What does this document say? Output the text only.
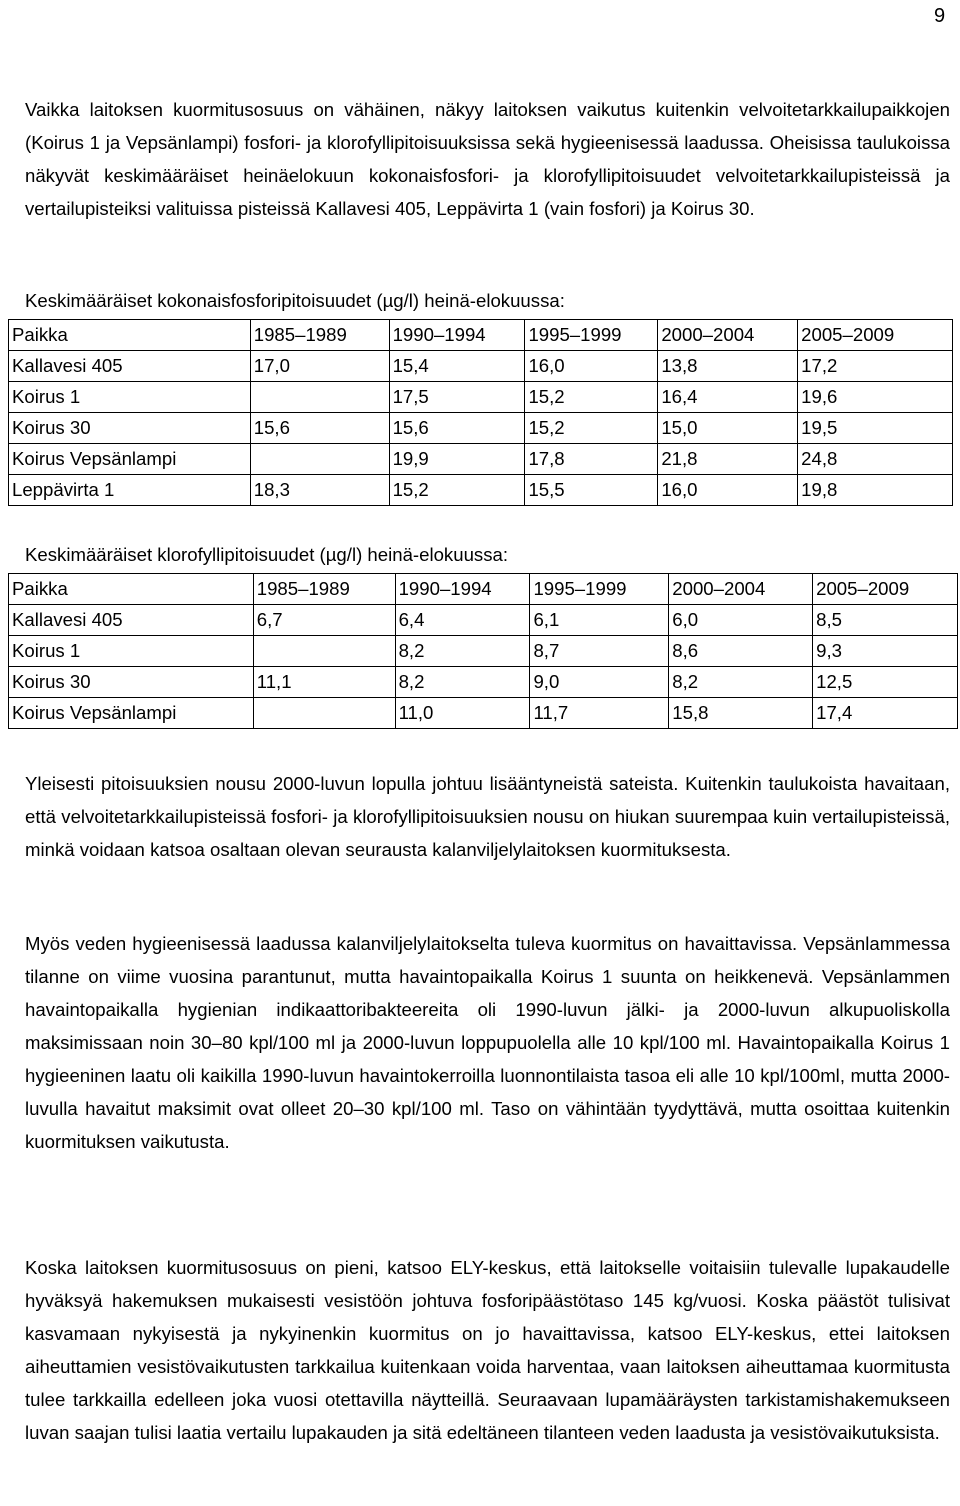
9

Vaikka laitoksen kuormitusosuus on vähäinen, näkyy laitoksen vaikutus kuitenkin velvoitetarkkailupaikkojen (Koirus 1 ja Vepsänlampi) fosfori- ja klorofyllipitoisuuksissa sekä hygieenisessä laadussa. Oheisissa taulukoissa näkyvät keskimääräiset heinäelokuun kokonaisfosfori- ja klorofyllipitoisuudet velvoitetarkkailupisteissä ja vertailupisteiksi valituissa pisteissä Kallavesi 405, Leppävirta 1 (vain fosfori) ja Koirus 30.

Keskimääräiset kokonaisfosforipitoisuudet (µg/l) heinä-elokuussa:
Paikka	1985–1989	1990–1994	1995–1999	2000–2004	2005–2009
Kallavesi 405	17,0	15,4	16,0	13,8	17,2
Koirus 1		17,5	15,2	16,4	19,6
Koirus 30	15,6	15,6	15,2	15,0	19,5
Koirus Vepsänlampi		19,9	17,8	21,8	24,8
Leppävirta 1	18,3	15,2	15,5	16,0	19,8
Keskimääräiset klorofyllipitoisuudet (µg/l) heinä-elokuussa:
Paikka	1985–1989	1990–1994	1995–1999	2000–2004	2005–2009
Kallavesi 405	6,7	6,4	6,1	6,0	8,5
Koirus 1		8,2	8,7	8,6	9,3
Koirus 30	11,1	8,2	9,0	8,2	12,5
Koirus Vepsänlampi		11,0	11,7	15,8	17,4

Yleisesti pitoisuuksien nousu 2000-luvun lopulla johtuu lisääntyneistä sateista. Kuitenkin taulukoista havaitaan, että velvoitetarkkailupisteissä fosfori- ja klorofyllipitoisuuksien nousu on hiukan suurempaa kuin vertailupisteissä, minkä voidaan katsoa osaltaan olevan seurausta kalanviljelylaitoksen kuormituksesta.

Myös veden hygieenisessä laadussa kalanviljelylaitokselta tuleva kuormitus on havaittavissa. Vepsänlammessa tilanne on viime vuosina parantunut, mutta havaintopaikalla Koirus 1 suunta on heikkenevä. Vepsänlammen havaintopaikalla hygienian indikaattoribakteereita oli 1990-luvun jälki- ja 2000-luvun alkupuoliskolla maksimissaan noin 30–80 kpl/100 ml ja 2000-luvun loppupuolella alle 10 kpl/100 ml. Havaintopaikalla Koirus 1 hygieeninen laatu oli kaikilla 1990-luvun havaintokerroilla luonnontilaista tasoa eli alle 10 kpl/100ml, mutta 2000-luvulla havaitut maksimit ovat olleet 20–30 kpl/100 ml. Taso on vähintään tyydyttävä, mutta osoittaa kuitenkin kuormituksen vaikutusta.

Koska laitoksen kuormitusosuus on pieni, katsoo ELY-keskus, että laitokselle voitaisiin tulevalle lupakaudelle hyväksyä hakemuksen mukaisesti vesistöön johtuva fosforipäästötaso 145 kg/vuosi. Koska päästöt tulisivat kasvamaan nykyisestä ja nykyinenkin kuormitus on jo havaittavissa, katsoo ELY-keskus, ettei laitoksen aiheuttamien vesistövaikutusten tarkkailua kuitenkaan voida harventaa, vaan laitoksen aiheuttamaa kuormitusta tulee tarkkailla edelleen joka vuosi otettavilla näytteillä. Seuraavaan lupamääräysten tarkistamishakemukseen luvan saajan tulisi laatia vertailu lupakauden ja sitä edeltäneen tilanteen veden laadusta ja vesistövaikutuksista.
